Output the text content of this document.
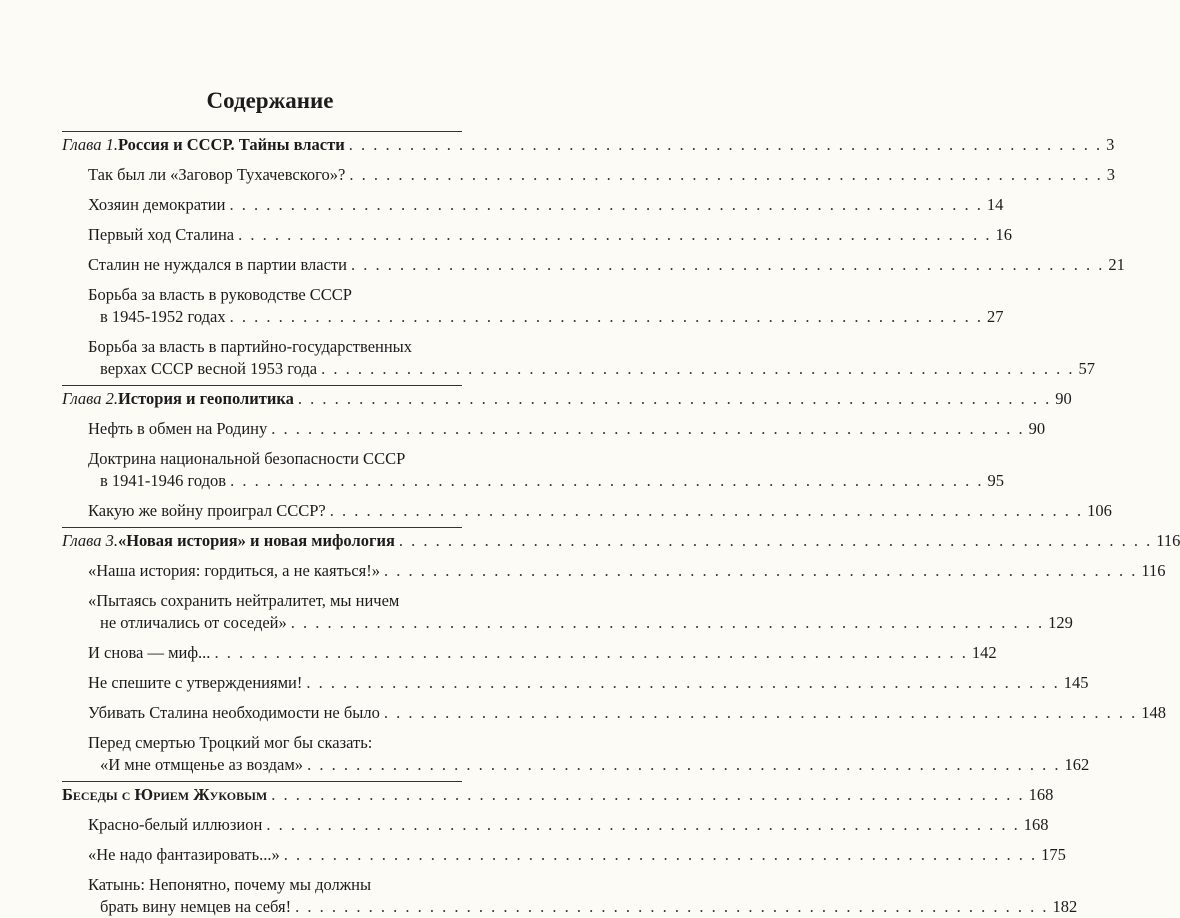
Содержание
Глава 1. Россия и СССР. Тайны власти . . . . . . . . . . . . . . . . . . . . . . . . . . . . . . . . . . . . . . . . . . . . . . . . . . . . . . . . . . . . . . 3
Так был ли «Заговор Тухачевского»? . . . . . . . . . . . . . . . . . . . . . . . . . . . . . . . . . . . . . . . . . . . . . . . . . . . . . . . . . . . . . . 3
Хозяин демократии . . . . . . . . . . . . . . . . . . . . . . . . . . . . . . . . . . . . . . . . . . . . . . . . . . . . . . . . . . . . . . 14
Первый ход Сталина . . . . . . . . . . . . . . . . . . . . . . . . . . . . . . . . . . . . . . . . . . . . . . . . . . . . . . . . . . . . . . 16
Сталин не нуждался в партии власти . . . . . . . . . . . . . . . . . . . . . . . . . . . . . . . . . . . . . . . . . . . . . . . . . . . . . . . . . . . . . . 21
Борьба за власть в руководстве СССР
в 1945-1952 годах . . . . . . . . . . . . . . . . . . . . . . . . . . . . . . . . . . . . . . . . . . . . . . . . . . . . . . . . . . . . . . 27
Борьба за власть в партийно-государственных
верхах СССР весной 1953 года . . . . . . . . . . . . . . . . . . . . . . . . . . . . . . . . . . . . . . . . . . . . . . . . . . . . . . . . . . . . . . 57
Глава 2. История и геополитика . . . . . . . . . . . . . . . . . . . . . . . . . . . . . . . . . . . . . . . . . . . . . . . . . . . . . . . . . . . . . . 90
Нефть в обмен на Родину . . . . . . . . . . . . . . . . . . . . . . . . . . . . . . . . . . . . . . . . . . . . . . . . . . . . . . . . . . . . . . 90
Доктрина национальной безопасности СССР
в 1941-1946 годов . . . . . . . . . . . . . . . . . . . . . . . . . . . . . . . . . . . . . . . . . . . . . . . . . . . . . . . . . . . . . . 95
Какую же войну проиграл СССР? . . . . . . . . . . . . . . . . . . . . . . . . . . . . . . . . . . . . . . . . . . . . . . . . . . . . . . . . . . . . . . 106
Глава 3. «Новая история» и новая мифология . . . . . . . . . . . . . . . . . . . . . . . . . . . . . . . . . . . . . . . . . . . . . . . . . . . . . . . . . . . . . . 116
«Наша история: гордиться, а не каяться!» . . . . . . . . . . . . . . . . . . . . . . . . . . . . . . . . . . . . . . . . . . . . . . . . . . . . . . . . . . . . . . 116
«Пытаясь сохранить нейтралитет, мы ничем
не отличались от соседей» . . . . . . . . . . . . . . . . . . . . . . . . . . . . . . . . . . . . . . . . . . . . . . . . . . . . . . . . . . . . . . 129
И снова — миф... . . . . . . . . . . . . . . . . . . . . . . . . . . . . . . . . . . . . . . . . . . . . . . . . . . . . . . . . . . . . . . 142
Не спешите с утверждениями! . . . . . . . . . . . . . . . . . . . . . . . . . . . . . . . . . . . . . . . . . . . . . . . . . . . . . . . . . . . . . . 145
Убивать Сталина необходимости не было . . . . . . . . . . . . . . . . . . . . . . . . . . . . . . . . . . . . . . . . . . . . . . . . . . . . . . . . . . . . . . 148
Перед смертью Троцкий мог бы сказать:
«И мне отмщенье аз воздам» . . . . . . . . . . . . . . . . . . . . . . . . . . . . . . . . . . . . . . . . . . . . . . . . . . . . . . . . . . . . . . 162
Беседы с Юрием Жуковым . . . . . . . . . . . . . . . . . . . . . . . . . . . . . . . . . . . . . . . . . . . . . . . . . . . . . . . . . . . . . . 168
Красно-белый иллюзион . . . . . . . . . . . . . . . . . . . . . . . . . . . . . . . . . . . . . . . . . . . . . . . . . . . . . . . . . . . . . . 168
«Не надо фантазировать...» . . . . . . . . . . . . . . . . . . . . . . . . . . . . . . . . . . . . . . . . . . . . . . . . . . . . . . . . . . . . . . 175
Катынь: Непонятно, почему мы должны
брать вину немцев на себя! . . . . . . . . . . . . . . . . . . . . . . . . . . . . . . . . . . . . . . . . . . . . . . . . . . . . . . . . . . . . . . 182
